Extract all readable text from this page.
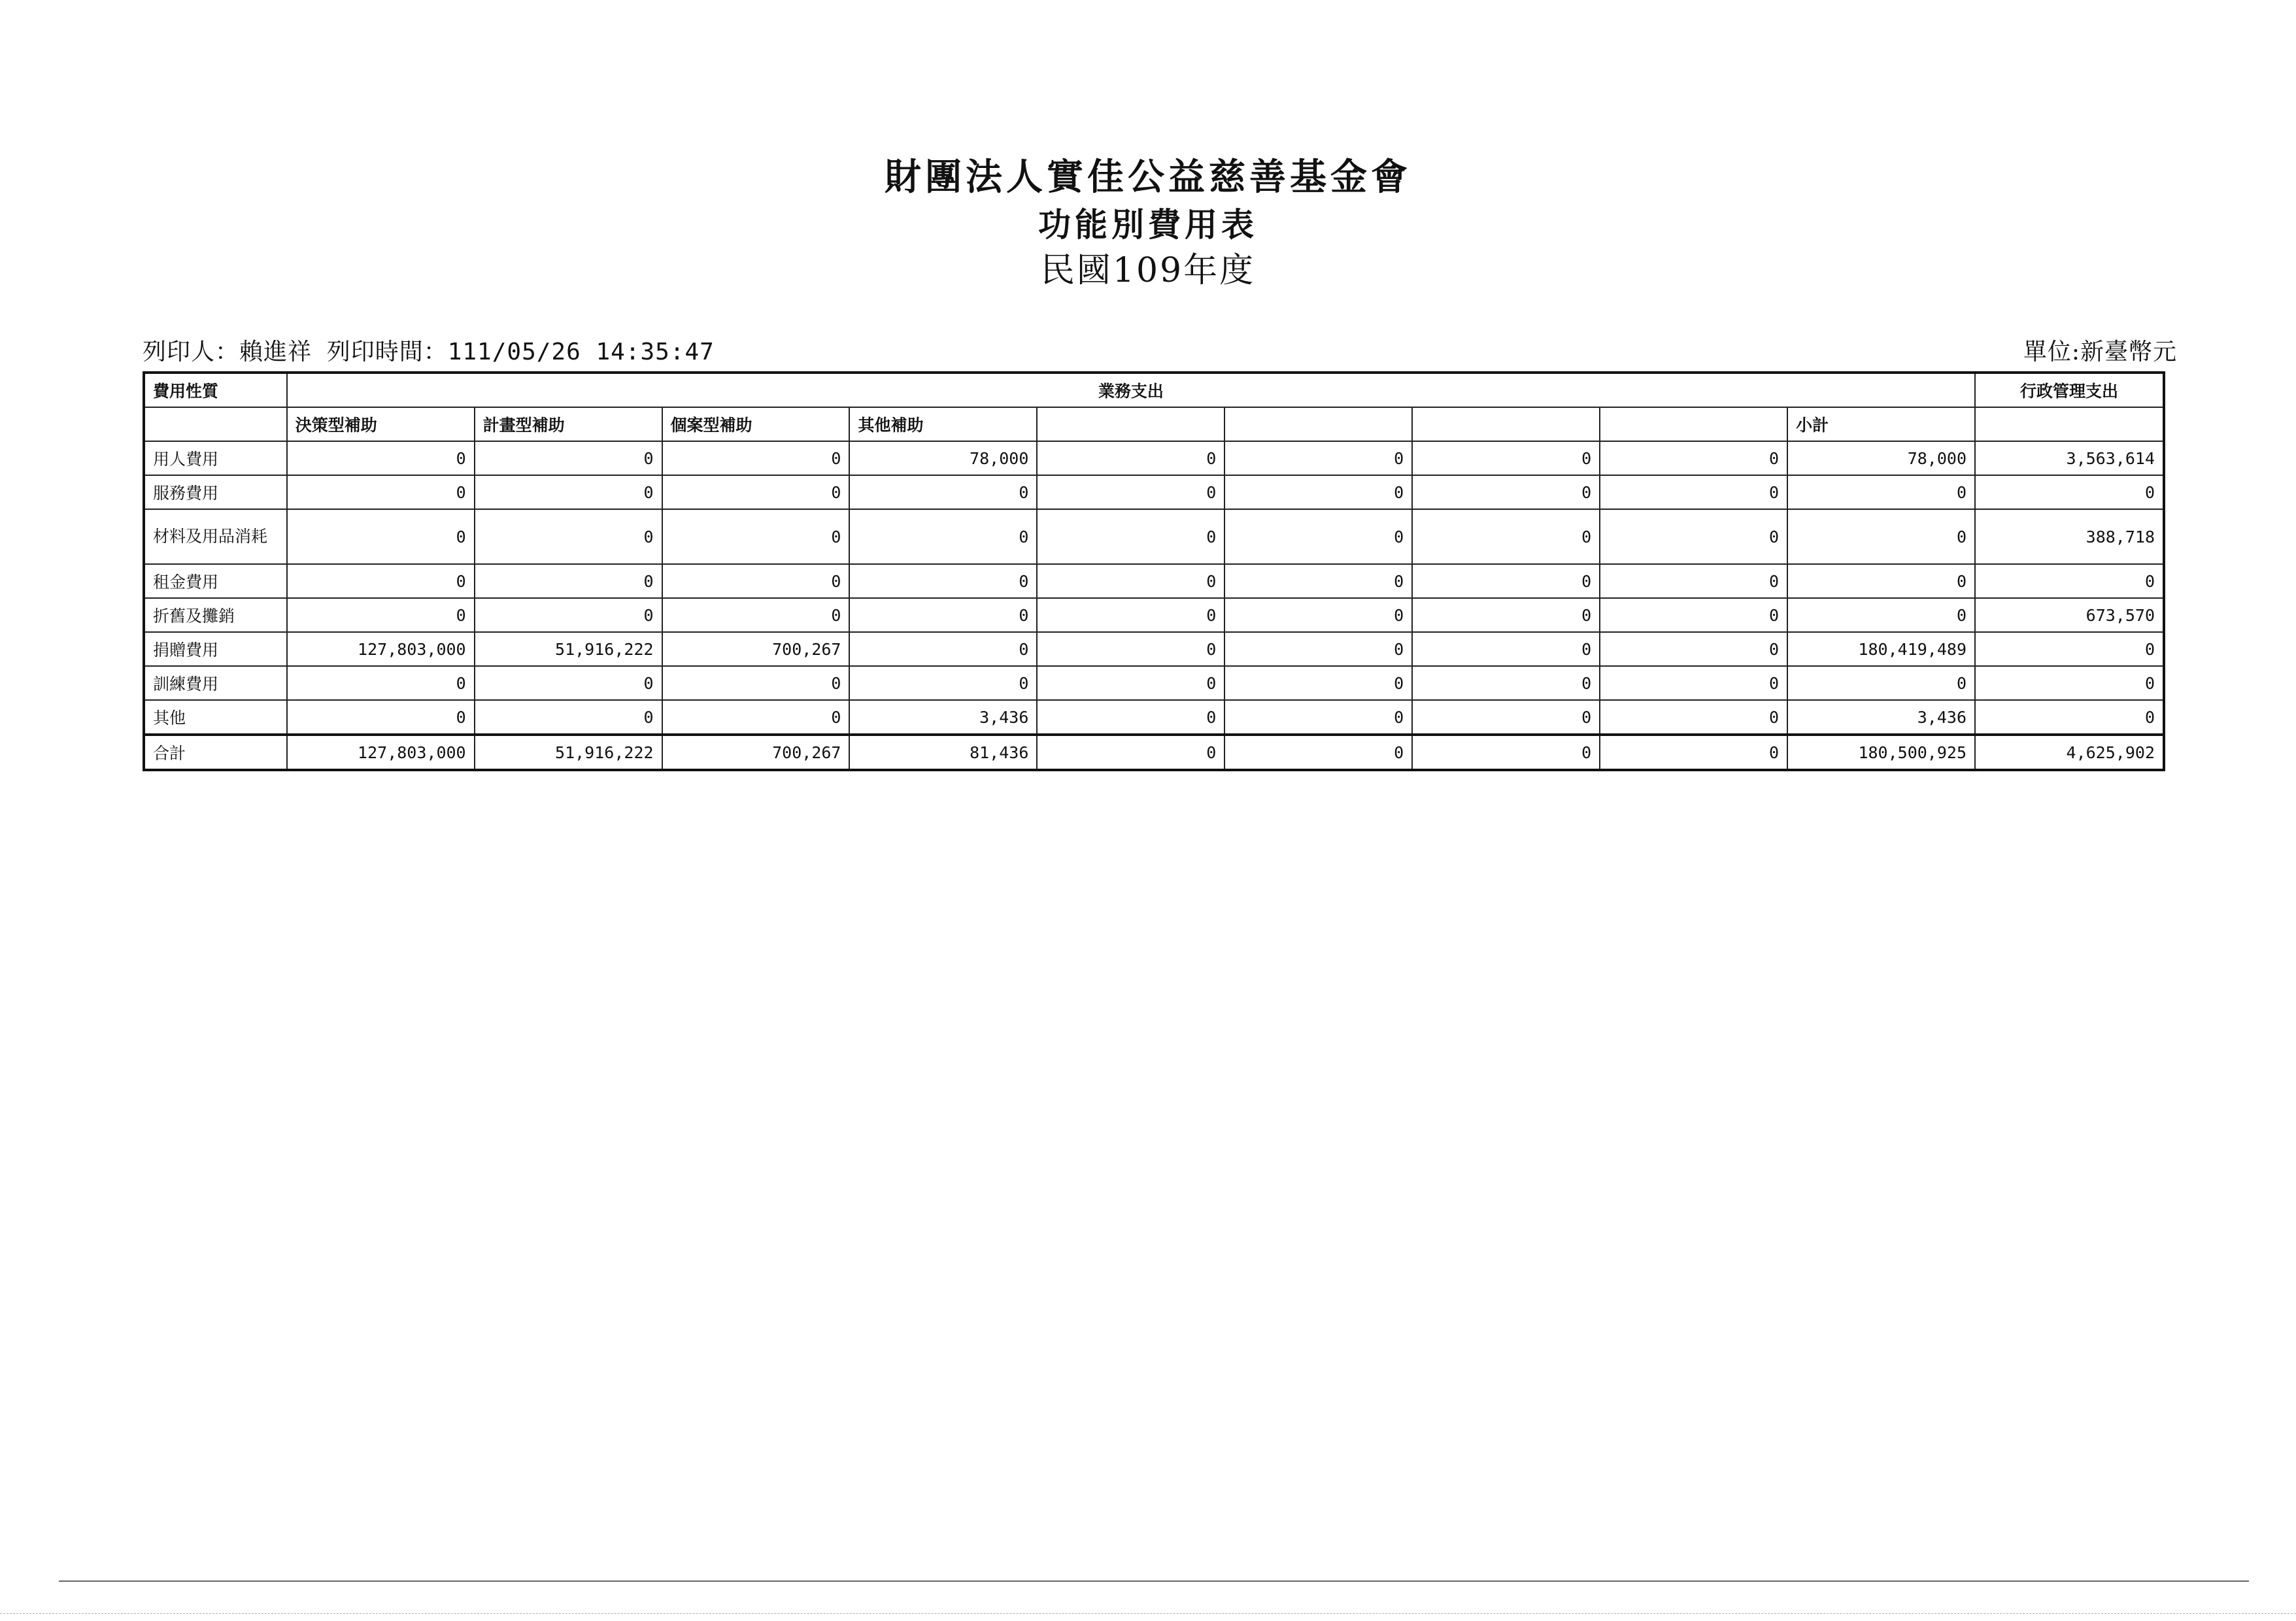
財團法人實佳公益慈善基金會
功能別費用表
民國109年度
列印人：賴進祥 列印時間：111/05/26 14:35:47	單位:新臺幣元
費用性質	業務支出									行政管理支出
	決策型補助	計畫型補助	個案型補助	其他補助					小計	
用人費用	0	0	0	78,000	0	0	0	0	78,000	3,563,614
服務費用	0	0	0	0	0	0	0	0	0	0
材料及用品消耗	0	0	0	0	0	0	0	0	0	388,718
租金費用	0	0	0	0	0	0	0	0	0	0
折舊及攤銷	0	0	0	0	0	0	0	0	0	673,570
捐贈費用	127,803,000	51,916,222	700,267	0	0	0	0	0	180,419,489	0
訓練費用	0	0	0	0	0	0	0	0	0	0
其他	0	0	0	3,436	0	0	0	0	3,436	0
合計	127,803,000	51,916,222	700,267	81,436	0	0	0	0	180,500,925	4,625,902
